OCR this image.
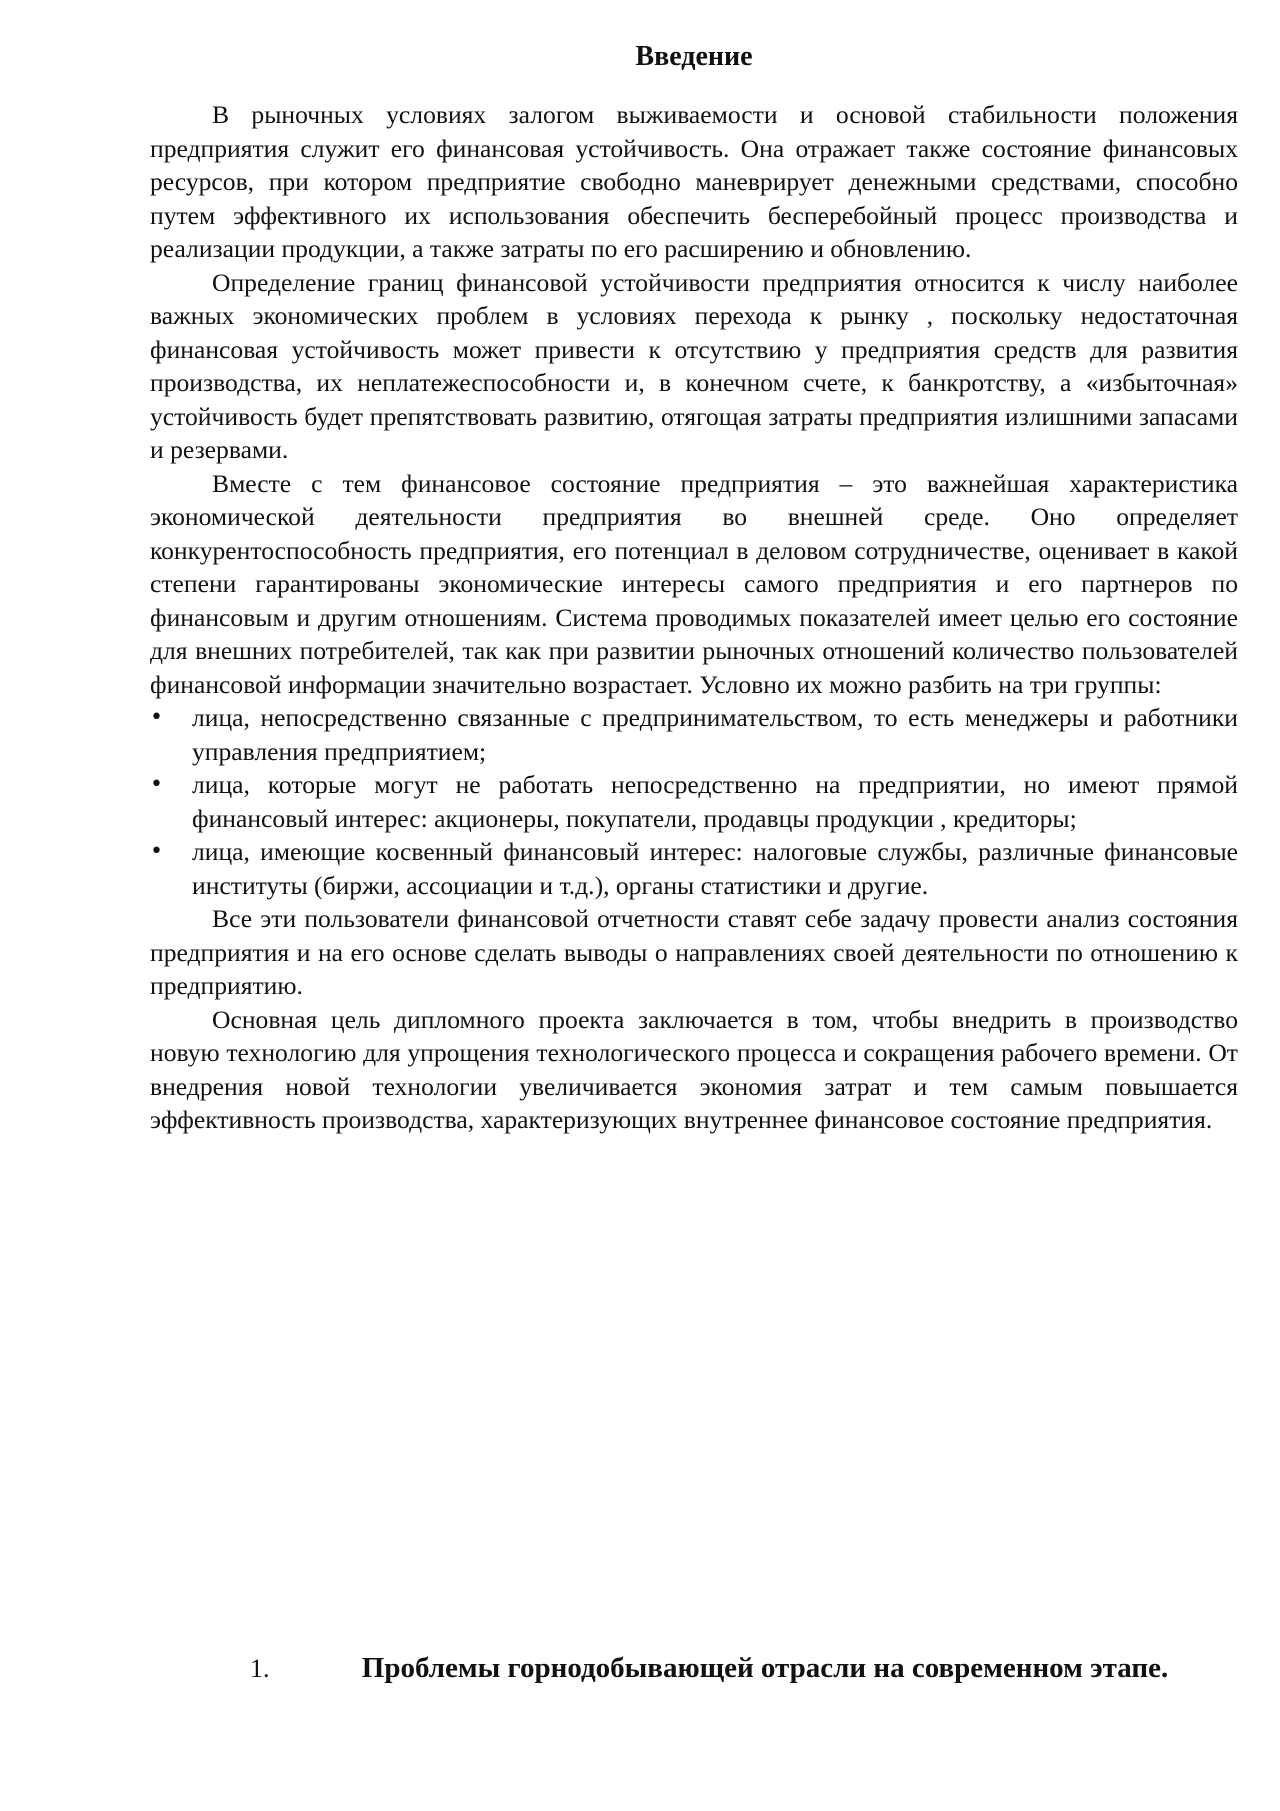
Введение

В рыночных условиях залогом выживаемости и основой стабильности положения предприятия служит его финансовая устойчивость. Она отражает также состояние финансовых ресурсов, при котором предприятие свободно маневрирует денежными средствами, способно путем эффективного их использования обеспечить бесперебойный процесс производства и реализации продукции, а также затраты по его расширению и обновлению.

Определение границ финансовой устойчивости предприятия относится к числу наиболее важных экономических проблем в условиях перехода к рынку , поскольку недостаточная финансовая устойчивость может привести к отсутствию у предприятия средств для развития производства, их неплатежеспособности и, в конечном счете, к банкротству, а «избыточная» устойчивость будет препятствовать развитию, отягощая затраты предприятия излишними запасами и резервами.

Вместе с тем финансовое состояние предприятия – это важнейшая характеристика экономической деятельности предприятия во внешней среде. Оно определяет конкурентоспособность предприятия, его потенциал в деловом сотрудничестве, оценивает в какой степени гарантированы экономические интересы самого предприятия и его партнеров по финансовым и другим отношениям. Система проводимых показателей имеет целью его состояние для внешних потребителей, так как при развитии рыночных отношений количество пользователей финансовой информации значительно возрастает. Условно их можно разбить на три группы:

• лица, непосредственно связанные с предпринимательством, то есть менеджеры и работники управления предприятием;
• лица, которые могут не работать непосредственно на предприятии, но имеют прямой финансовый интерес: акционеры, покупатели, продавцы продукции , кредиторы;
• лица, имеющие косвенный финансовый интерес: налоговые службы, различные финансовые институты (биржи, ассоциации и т.д.), органы статистики и другие.

Все эти пользователи финансовой отчетности ставят себе задачу провести анализ состояния предприятия и на его основе сделать выводы о направлениях своей деятельности по отношению к предприятию.

Основная цель дипломного проекта заключается в том, чтобы внедрить в производство новую технологию для упрощения технологического процесса и сокращения рабочего времени. От внедрения новой технологии увеличивается экономия затрат и тем самым повышается эффективность производства, характеризующих внутреннее финансовое состояние предприятия.

1.	Проблемы горнодобывающей отрасли на современном этапе.
